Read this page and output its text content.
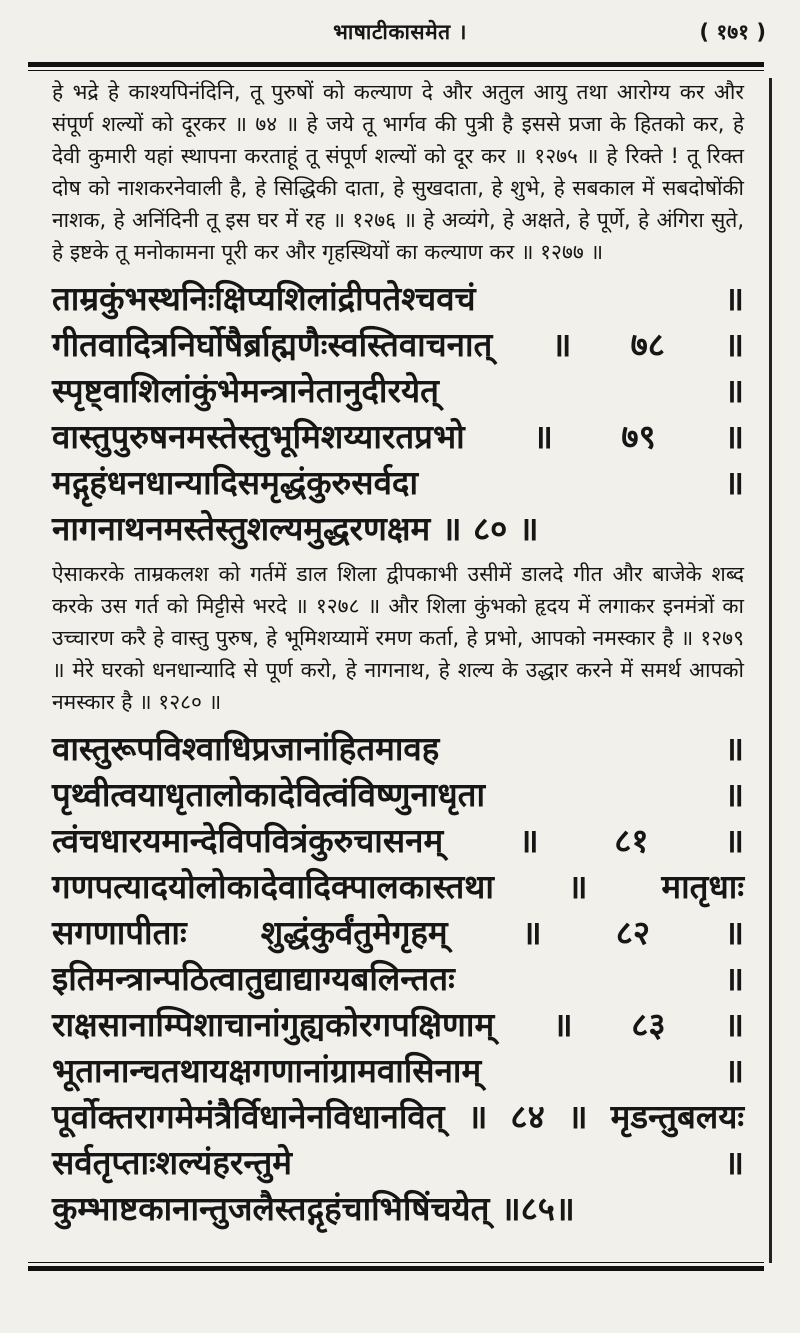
भाषाटीकासमेत ।	( १७१ )

हे भद्रे हे काश्यपिनंदिनि, तू पुरुषों को कल्याण दे और अतुल आयु तथा आरोग्य कर और संपूर्ण शल्यों को दूरकर ॥ ७४ ॥ हे जये तू भार्गव की पुत्री है इससे प्रजा के हितको कर, हे देवी कुमारी यहां स्थापना करताहूं तू संपूर्ण शल्यों को दूर कर ॥ १२७५ ॥ हे रिक्ते ! तू रिक्त दोष को नाशकरनेवाली है, हे सिद्धिकी दाता, हे सुखदाता, हे शुभे, हे सबकाल में सबदोषोंकी नाशक, हे अनिंदिनी तू इस घर में रह ॥ १२७६ ॥ हे अव्यंगे, हे अक्षते, हे पूर्णे, हे अंगिरा सुते, हे इष्टके तू मनोकामना पूरी कर और गृहस्थियों का कल्याण कर ॥ १२७७ ॥

ताम्रकुंभस्थनिःक्षिप्यशिलांद्रीपतेश्चवचं ॥ गीतवादित्रनिर्घोषैर्ब्राह्मणैःस्वस्तिवाचनात् ॥ ७८ ॥ स्पृष्ट्वाशिलांकुंभेमन्त्रानेतानुदीरयेत् ॥ वास्तुपुरुषनमस्तेस्तुभूमिशय्यारतप्रभो ॥ ७९ ॥ मद्गृहंधनधान्यादिसमृद्धंकुरुसर्वदा ॥ नागनाथनमस्तेस्तुशल्यमुद्धरणक्षम ॥ ८० ॥

ऐसाकरके ताम्रकलश को गर्तमें डाल शिला द्वीपकाभी उसीमें डालदे गीत और बाजेके शब्द करके उस गर्त को मिट्टीसे भरदे ॥ १२७८ ॥ और शिला कुंभको हृदय में लगाकर इनमंत्रों का उच्चारण करै हे वास्तु पुरुष, हे भूमिशय्यामें रमण कर्ता, हे प्रभो, आपको नमस्कार है ॥ १२७९ ॥ मेरे घरको धनधान्यादि से पूर्ण करो, हे नागनाथ, हे शल्य के उद्धार करने में समर्थ आपको नमस्कार है ॥ १२८० ॥

वास्तुरूपविश्वाधिप्रजानांहितमावह ॥ पृथ्वीत्वयाधृतालोकादेवित्वंविष्णुनाधृता ॥ त्वंचधारयमान्देविपवित्रंकुरुचासनम् ॥ ८१ ॥ गणपत्यादयोलोकादेवादिक्पालकास्तथा ॥ मातृधाः सगणापीताः शुद्धंकुर्वंतुमेगृहम् ॥ ८२ ॥ इतिमन्त्रान्पठित्वातुद्याद्याग्यबलिन्ततः ॥ राक्षसानाम्पिशाचानांगुह्यकोरगपक्षिणाम् ॥ ८३ ॥ भूतानान्चतथायक्षगणानांग्रामवासिनाम् ॥ पूर्वोक्तरागमेमंत्रैर्विधानेनविधानवित् ॥ ८४ ॥ मृडन्तुबलयः सर्वतृप्ताःशल्यंहरन्तुमे ॥ कुम्भाष्टकानान्तुजलैस्तद्गृहंचाभिषिंचयेत् ॥८५॥
